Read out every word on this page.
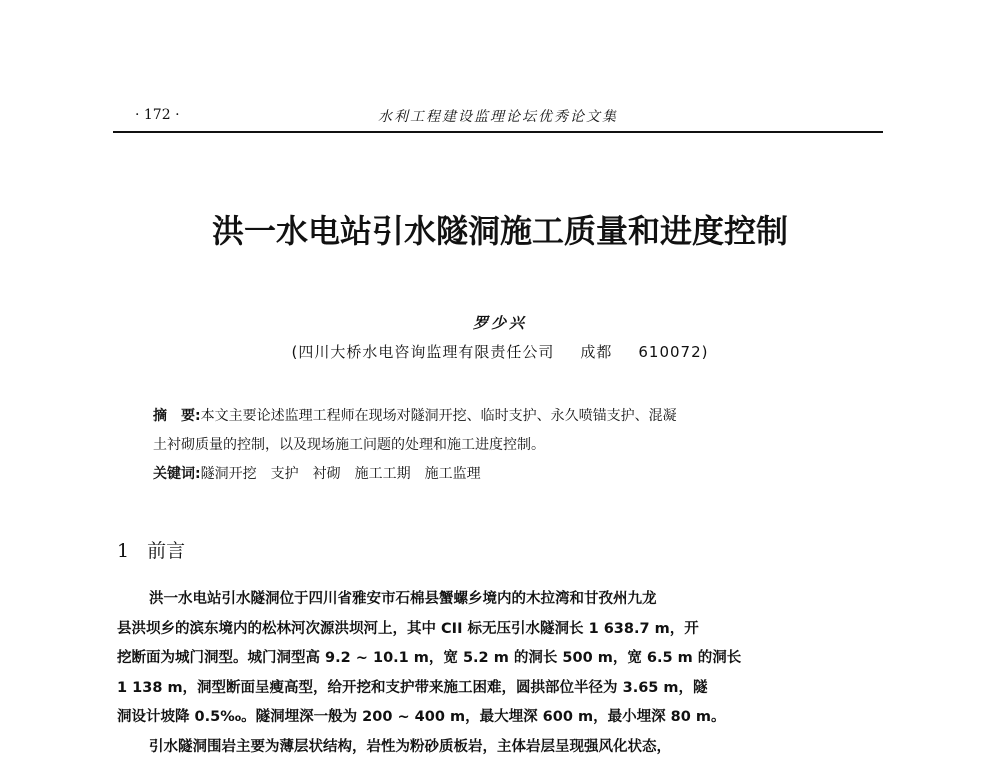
· 172 ·	水利工程建设监理论坛优秀论文集
洪一水电站引水隧洞施工质量和进度控制
罗少兴
(四川大桥水电咨询监理有限责任公司 成都 610072)
摘　要:本文主要论述监理工程师在现场对隧洞开挖、临时支护、永久喷锚支护、混凝
土衬砌质量的控制，以及现场施工问题的处理和施工进度控制。
关键词:隧洞开挖 支护 衬砌 施工工期 施工监理
1 前言
洪一水电站引水隧洞位于四川省雅安市石棉县蟹螺乡境内的木拉湾和甘孜州九龙
县洪坝乡的滨东境内的松林河次源洪坝河上，其中 CII 标无压引水隧洞长 1 638.7 m，开
挖断面为城门洞型。城门洞型高 9.2 ~ 10.1 m，宽 5.2 m 的洞长 500 m，宽 6.5 m 的洞长
1 138 m，洞型断面呈瘦高型，给开挖和支护带来施工困难，圆拱部位半径为 3.65 m，隧
洞设计坡降 0.5‰。隧洞埋深一般为 200 ~ 400 m，最大埋深 600 m，最小埋深 80 m。
引水隧洞围岩主要为薄层状结构，岩性为粉砂质板岩，主体岩层呈现强风化状态，
